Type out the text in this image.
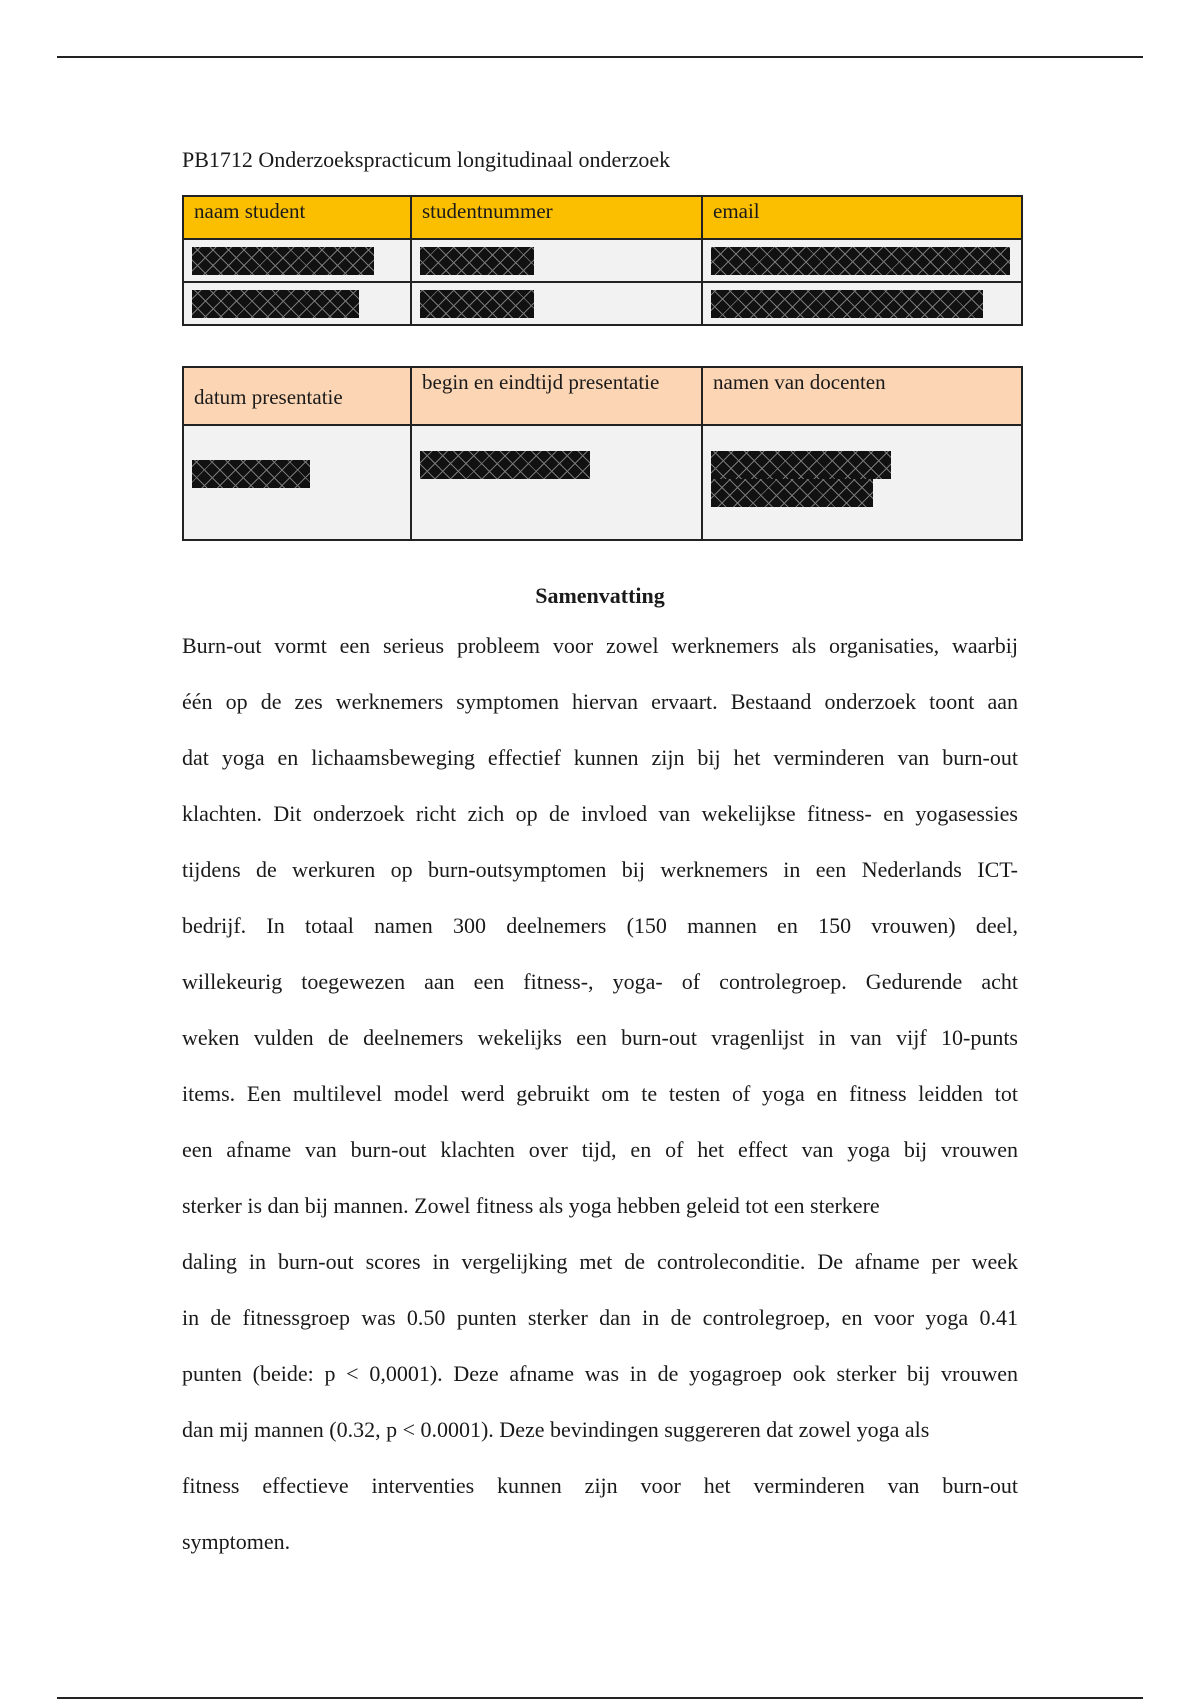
PB1712 Onderzoekspracticum longitudinaal onderzoek
naam student	studentnummer	email

datum presentatie	begin en eindtijd presentatie	namen van docenten

Samenvatting
Burn-out vormt een serieus probleem voor zowel werknemers als organisaties, waarbij
één op de zes werknemers symptomen hiervan ervaart. Bestaand onderzoek toont aan
dat yoga en lichaamsbeweging effectief kunnen zijn bij het verminderen van burn-out
klachten. Dit onderzoek richt zich op de invloed van wekelijkse fitness- en yogasessies
tijdens de werkuren op burn-outsymptomen bij werknemers in een Nederlands ICT-
bedrijf. In totaal namen 300 deelnemers (150 mannen en 150 vrouwen) deel,
willekeurig toegewezen aan een fitness-, yoga- of controlegroep. Gedurende acht
weken vulden de deelnemers wekelijks een burn-out vragenlijst in van vijf 10-punts
items. Een multilevel model werd gebruikt om te testen of yoga en fitness leidden tot
een afname van burn-out klachten over tijd, en of het effect van yoga bij vrouwen
sterker is dan bij mannen. Zowel fitness als yoga hebben geleid tot een sterkere
daling in burn-out scores in vergelijking met de controleconditie. De afname per week
in de fitnessgroep was 0.50 punten sterker dan in de controlegroep, en voor yoga 0.41
punten (beide: p < 0,0001). Deze afname was in de yogagroep ook sterker bij vrouwen
dan mij mannen (0.32, p < 0.0001). Deze bevindingen suggereren dat zowel yoga als
fitness effectieve interventies kunnen zijn voor het verminderen van burn-out
symptomen.
